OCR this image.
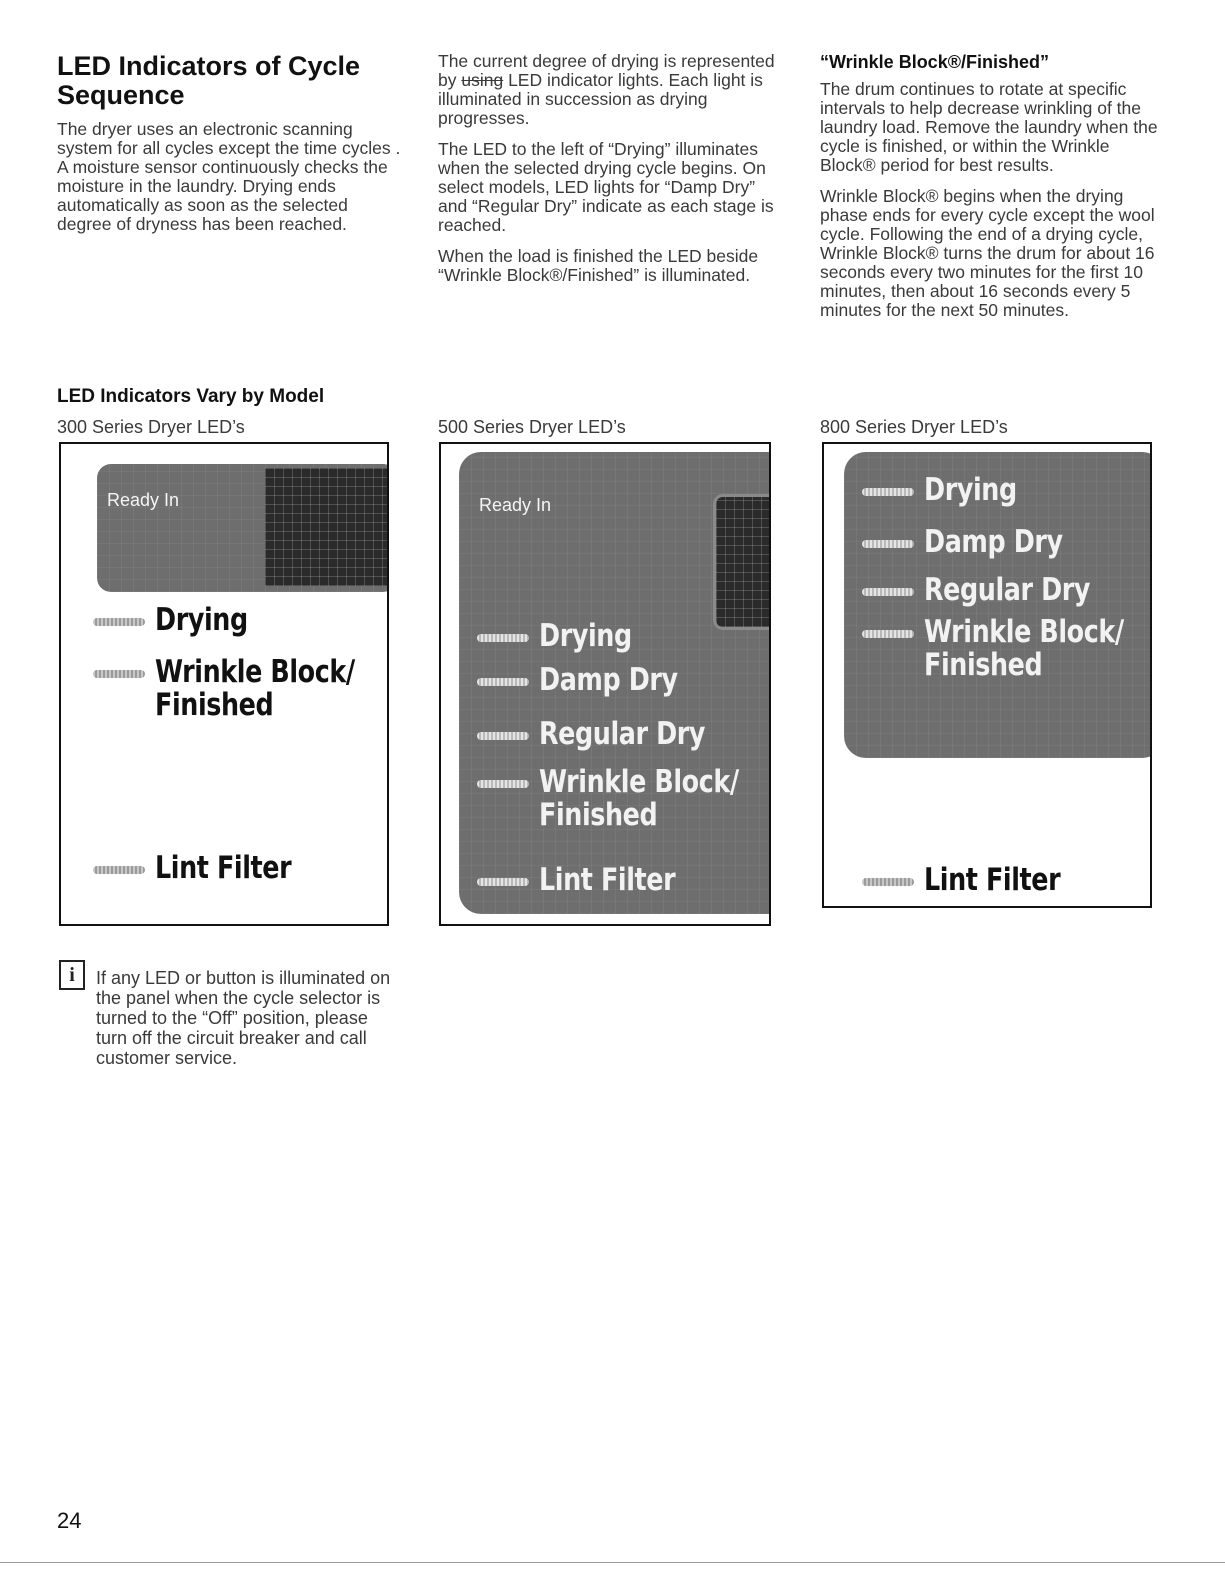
LED Indicators of Cycle Sequence

The dryer uses an electronic scanning system for all cycles except the time cycles . A moisture sensor continuously checks the moisture in the laundry. Drying ends automatically as soon as the selected degree of dryness has been reached.

The current degree of drying is represented by using LED indicator lights. Each light is illuminated in succession as drying progresses.

The LED to the left of “Drying” illuminates when the selected drying cycle begins. On select models, LED lights for “Damp Dry” and “Regular Dry” indicate as each stage is reached.

When the load is finished the LED beside “Wrinkle Block®/Finished” is illuminated.

“Wrinkle Block®/Finished”

The drum continues to rotate at specific intervals to help decrease wrinkling of the laundry load. Remove the laundry when the cycle is finished, or within the Wrinkle Block® period for best results.

Wrinkle Block® begins when the drying phase ends for every cycle except the wool cycle. Following the end of a drying cycle, Wrinkle Block® turns the drum for about 16 seconds every two minutes for the first 10 minutes, then about 16 seconds every 5 minutes for the next 50 minutes.

LED Indicators Vary by Model
300 Series Dryer LED’s	500 Series Dryer LED’s	800 Series Dryer LED’s
Ready In
Drying
Wrinkle Block/
Finished
Lint Filter
Ready In
Drying
Damp Dry
Regular Dry
Wrinkle Block/
Finished
Lint Filter
Drying
Damp Dry
Regular Dry
Wrinkle Block/
Finished
Lint Filter
i	If any LED or button is illuminated on the panel when the cycle selector is turned to the “Off” position, please turn off the circuit breaker and call customer service.
24
